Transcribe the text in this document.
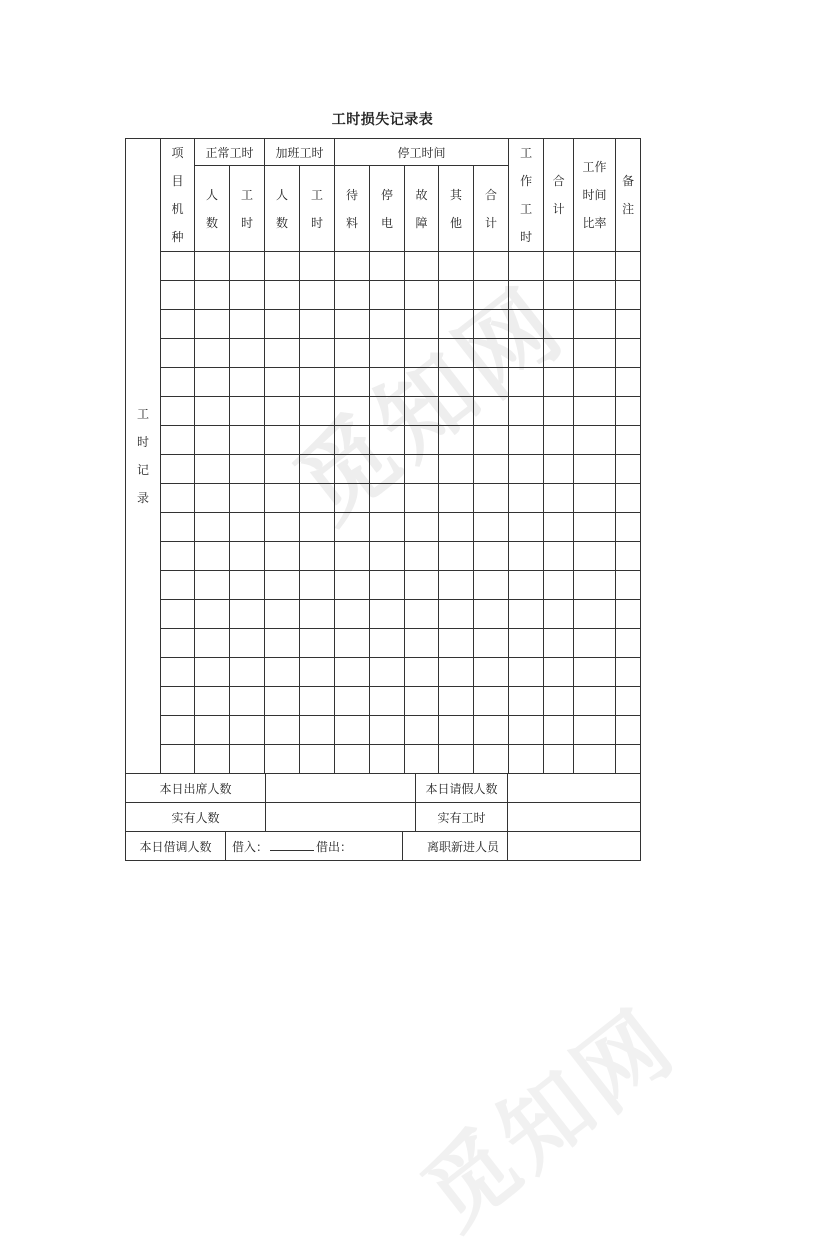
觅知网
觅知网
工时损失记录表
工时记录	项目机种	正常工时		加班工时		停工时间					工作工时	合计	工作时间比率	备注
		人数	工时	人数	工时	待料	停电	故障	其他	合计				

本日出席人数				本日请假人数	
实有人数				实有工时	
本日借调人数	借入： 借出：		离职新进人员		
